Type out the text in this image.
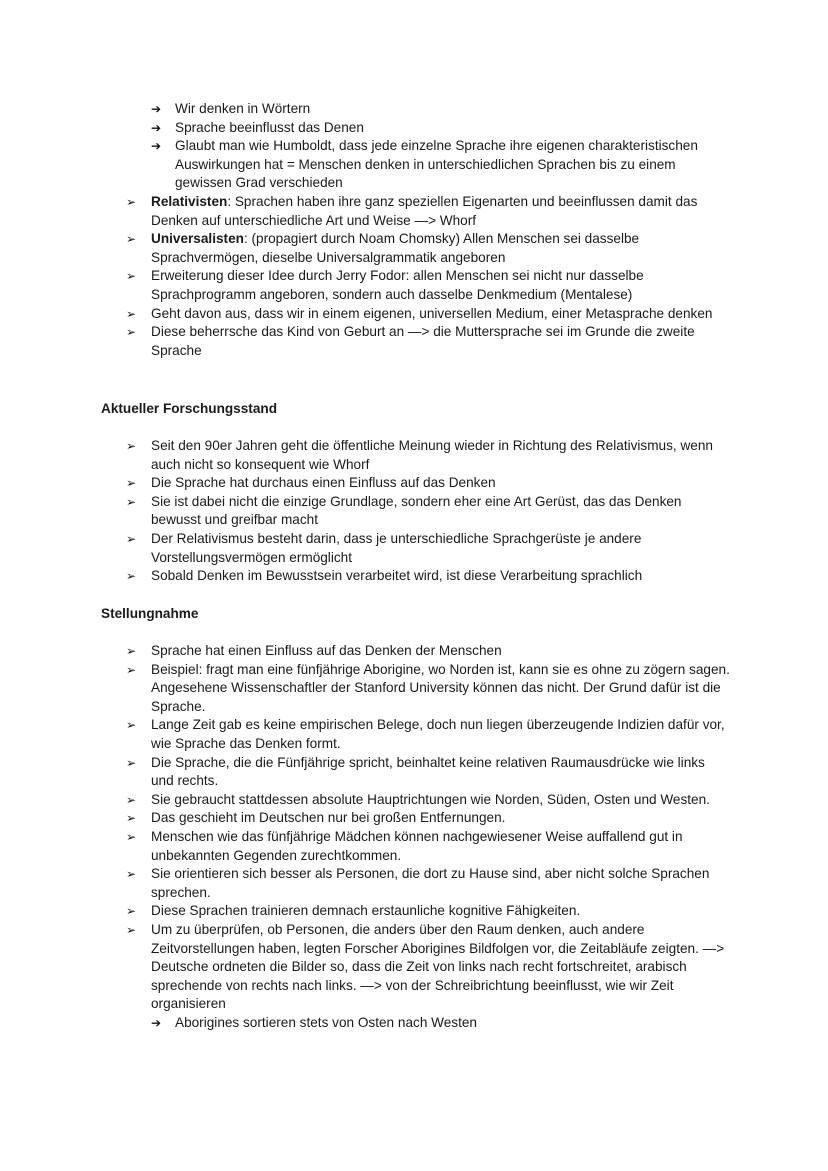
➔ Wir denken in Wörtern
➔ Sprache beeinflusst das Denen
➔ Glaubt man wie Humboldt, dass jede einzelne Sprache ihre eigenen charakteristischen Auswirkungen hat = Menschen denken in unterschiedlichen Sprachen bis zu einem gewissen Grad verschieden
➢ Relativisten: Sprachen haben ihre ganz speziellen Eigenarten und beeinflussen damit das Denken auf unterschiedliche Art und Weise —> Whorf
➢ Universalisten: (propagiert durch Noam Chomsky) Allen Menschen sei dasselbe Sprachvermögen, dieselbe Universalgrammatik angeboren
➢ Erweiterung dieser Idee durch Jerry Fodor: allen Menschen sei nicht nur dasselbe Sprachprogramm angeboren, sondern auch dasselbe Denkmedium (Mentalese)
➢ Geht davon aus, dass wir in einem eigenen, universellen Medium, einer Metasprache denken
➢ Diese beherrsche das Kind von Geburt an —> die Muttersprache sei im Grunde die zweite Sprache
Aktueller Forschungsstand
➢ Seit den 90er Jahren geht die öffentliche Meinung wieder in Richtung des Relativismus, wenn auch nicht so konsequent wie Whorf
➢ Die Sprache hat durchaus einen Einfluss auf das Denken
➢ Sie ist dabei nicht die einzige Grundlage, sondern eher eine Art Gerüst, das das Denken bewusst und greifbar macht
➢ Der Relativismus besteht darin, dass je unterschiedliche Sprachgerüste je andere Vorstellungsvermögen ermöglicht
➢ Sobald Denken im Bewusstsein verarbeitet wird, ist diese Verarbeitung sprachlich
Stellungnahme
➢ Sprache hat einen Einfluss auf das Denken der Menschen
➢ Beispiel: fragt man eine fünfjährige Aborigine, wo Norden ist, kann sie es ohne zu zögern sagen. Angesehene Wissenschaftler der Stanford University können das nicht. Der Grund dafür ist die Sprache.
➢ Lange Zeit gab es keine empirischen Belege, doch nun liegen überzeugende Indizien dafür vor, wie Sprache das Denken formt.
➢ Die Sprache, die die Fünfjährige spricht, beinhaltet keine relativen Raumausdrücke wie links und rechts.
➢ Sie gebraucht stattdessen absolute Hauptrichtungen wie Norden, Süden, Osten und Westen.
➢ Das geschieht im Deutschen nur bei großen Entfernungen.
➢ Menschen wie das fünfjährige Mädchen können nachgewiesener Weise auffallend gut in unbekannten Gegenden zurechtkommen.
➢ Sie orientieren sich besser als Personen, die dort zu Hause sind, aber nicht solche Sprachen sprechen.
➢ Diese Sprachen trainieren demnach erstaunliche kognitive Fähigkeiten.
➢ Um zu überprüfen, ob Personen, die anders über den Raum denken, auch andere Zeitvorstellungen haben, legten Forscher Aborigines Bildfolgen vor, die Zeitabläufe zeigten. —> Deutsche ordneten die Bilder so, dass die Zeit von links nach recht fortschreitet, arabisch sprechende von rechts nach links. —> von der Schreibrichtung beeinflusst, wie wir Zeit organisieren
➔ Aborigines sortieren stets von Osten nach Westen
